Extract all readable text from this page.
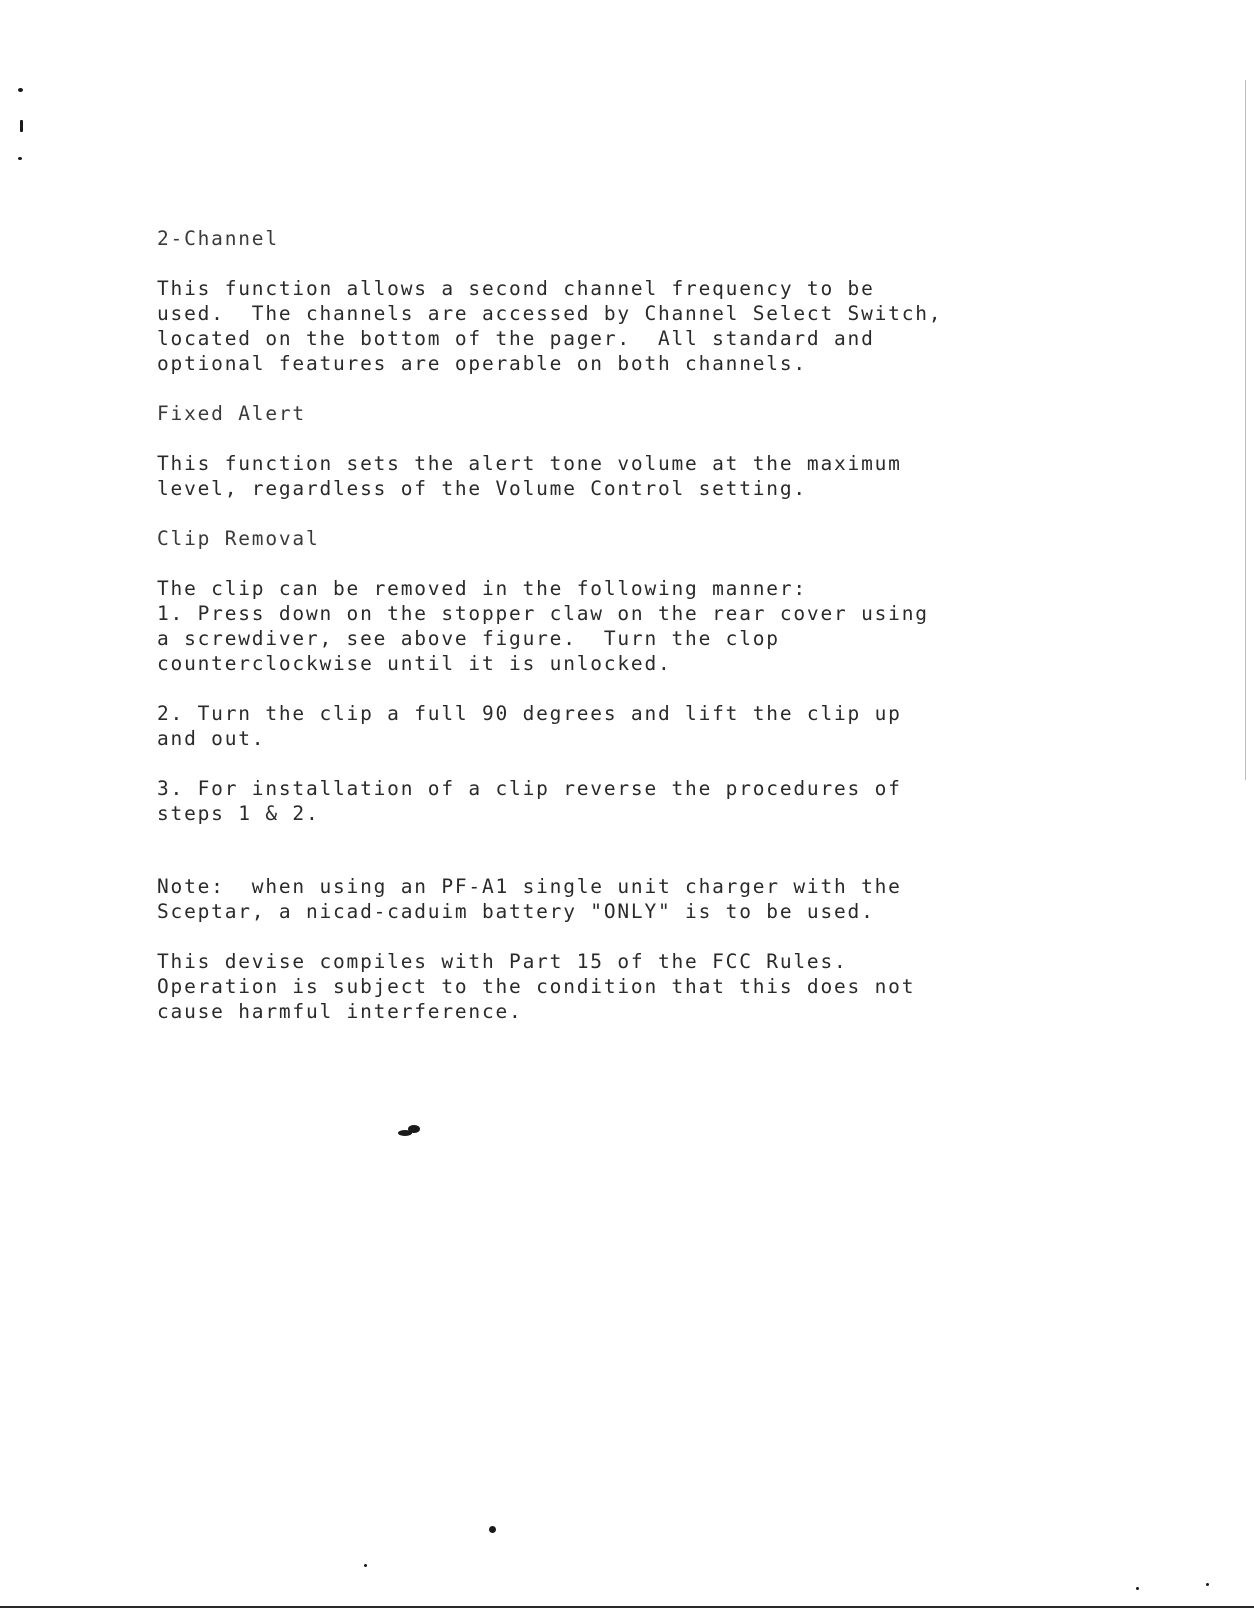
2-Channel
This function allows a second channel frequency to be
used.  The channels are accessed by Channel Select Switch,
located on the bottom of the pager.  All standard and
optional features are operable on both channels.
Fixed Alert
This function sets the alert tone volume at the maximum
level, regardless of the Volume Control setting.
Clip Removal
The clip can be removed in the following manner:
1. Press down on the stopper claw on the rear cover using
a screwdiver, see above figure.  Turn the clop
counterclockwise until it is unlocked.
2. Turn the clip a full 90 degrees and lift the clip up
and out.
3. For installation of a clip reverse the procedures of
steps 1 & 2.
Note:  when using an PF-A1 single unit charger with the
Sceptar, a nicad-caduim battery "ONLY" is to be used.
This devise compiles with Part 15 of the FCC Rules.
Operation is subject to the condition that this does not
cause harmful interference.
